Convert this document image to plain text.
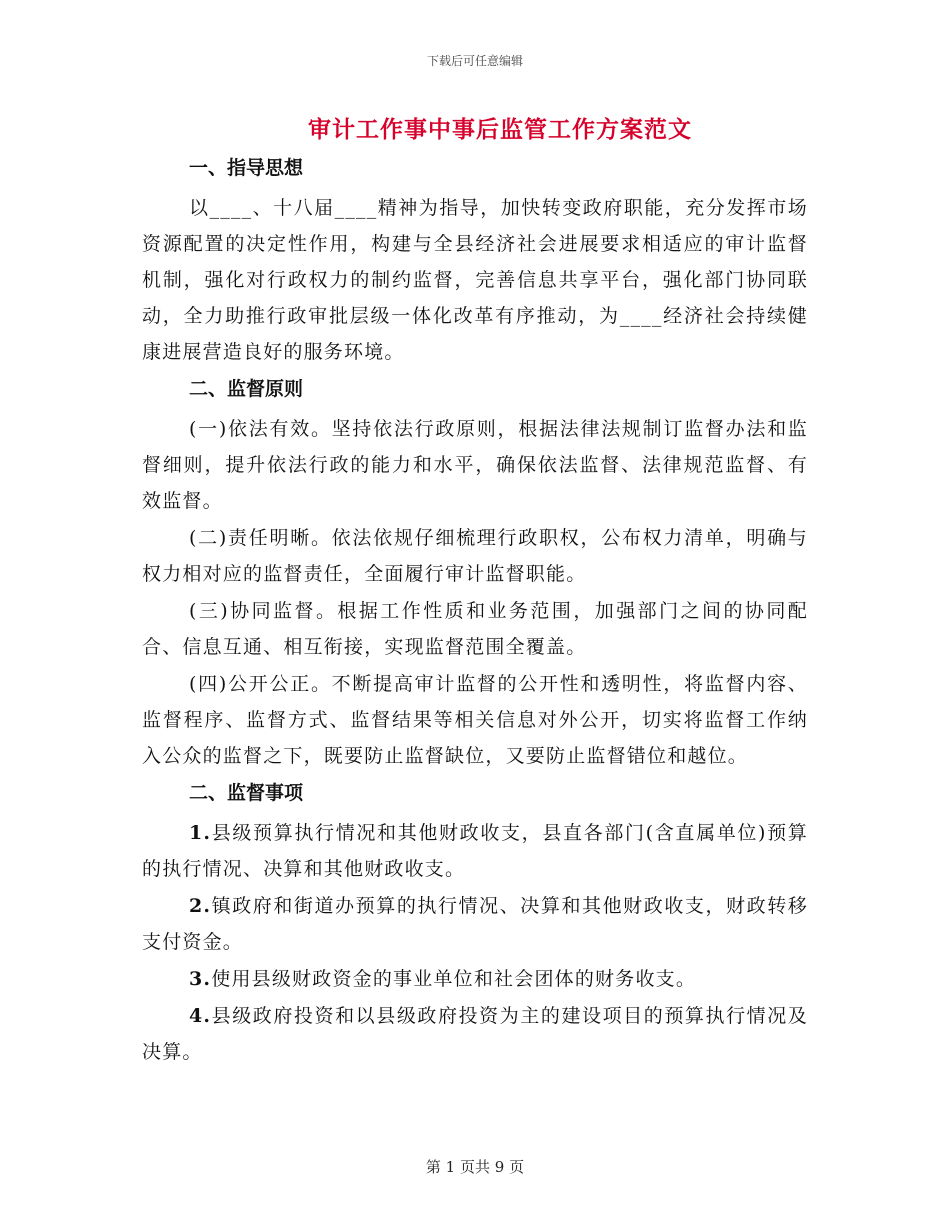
下载后可任意编辑
审计工作事中事后监管工作方案范文
一、指导思想

以____、十八届____精神为指导，加快转变政府职能，充分发挥市场资源配置的决定性作用，构建与全县经济社会进展要求相适应的审计监督机制，强化对行政权力的制约监督，完善信息共享平台，强化部门协同联动，全力助推行政审批层级一体化改革有序推动，为____经济社会持续健康进展营造良好的服务环境。

二、监督原则

(一)依法有效。坚持依法行政原则，根据法律法规制订监督办法和监督细则，提升依法行政的能力和水平，确保依法监督、法律规范监督、有效监督。

(二)责任明晰。依法依规仔细梳理行政职权，公布权力清单，明确与权力相对应的监督责任，全面履行审计监督职能。

(三)协同监督。根据工作性质和业务范围，加强部门之间的协同配合、信息互通、相互衔接，实现监督范围全覆盖。

(四)公开公正。不断提高审计监督的公开性和透明性，将监督内容、监督程序、监督方式、监督结果等相关信息对外公开，切实将监督工作纳入公众的监督之下，既要防止监督缺位，又要防止监督错位和越位。

二、监督事项

1.县级预算执行情况和其他财政收支，县直各部门(含直属单位)预算的执行情况、决算和其他财政收支。

2.镇政府和街道办预算的执行情况、决算和其他财政收支，财政转移支付资金。

3.使用县级财政资金的事业单位和社会团体的财务收支。

4.县级政府投资和以县级政府投资为主的建设项目的预算执行情况及决算。

第 1 页共 9 页
